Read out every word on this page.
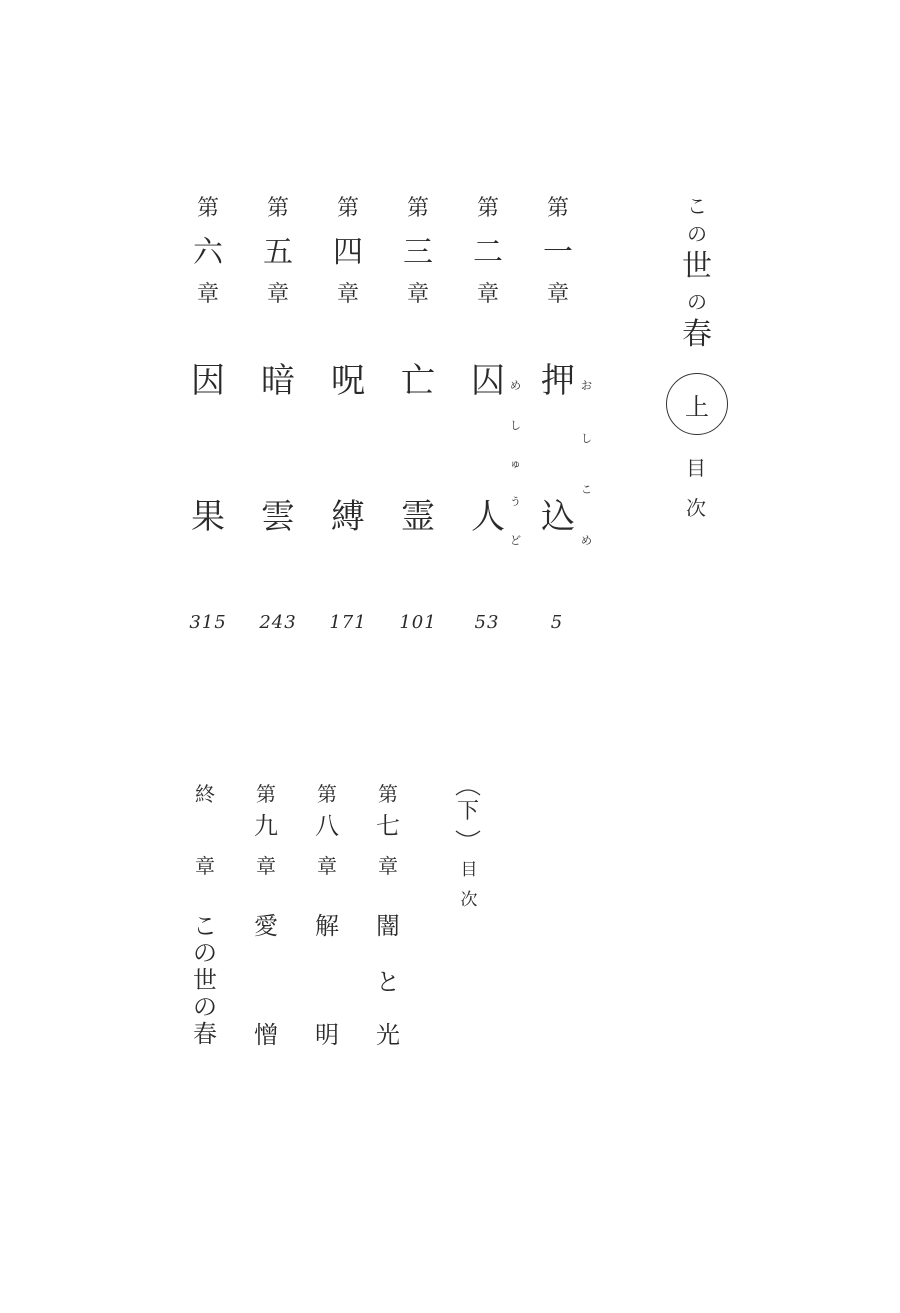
こ
の
世
の
春
上
目
次
第
一
章
押
込
お
し
こ
め
5
第
二
章
囚
人
め
し
ゅ
う
ど
53
第
三
章
亡
霊
101
第
四
章
呪
縛
171
第
五
章
暗
雲
243
第
六
章
因
果
315
下
目
次
第
七
章
闇
と
光
第
八
章
解
明
第
九
章
愛
憎
終
章
こ
の
世
の
春
